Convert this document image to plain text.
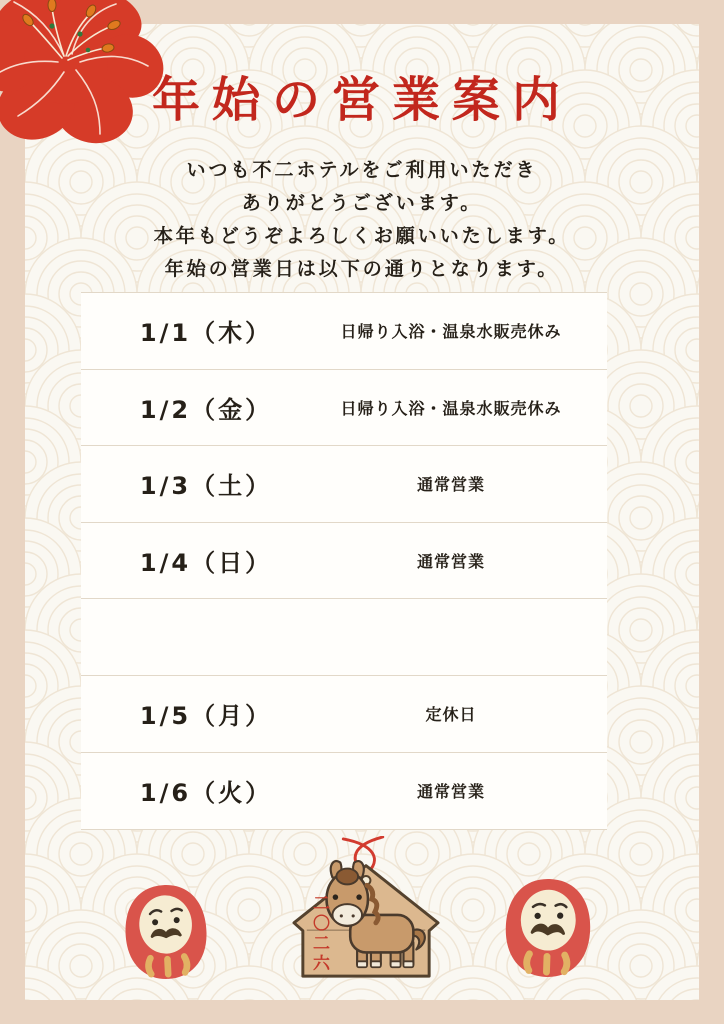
年始の営業案内
いつも不二ホテルをご利用いただき
ありがとうございます。
本年もどうぞよろしくお願いいたします。
年始の営業日は以下の通りとなります。
1/1（木）	日帰り入浴・温泉水販売休み
1/2（金）	日帰り入浴・温泉水販売休み
1/3（土）	通常営業
1/4（日）	通常営業
1/5（月）	定休日
1/6（火）	通常営業
二〇二六
